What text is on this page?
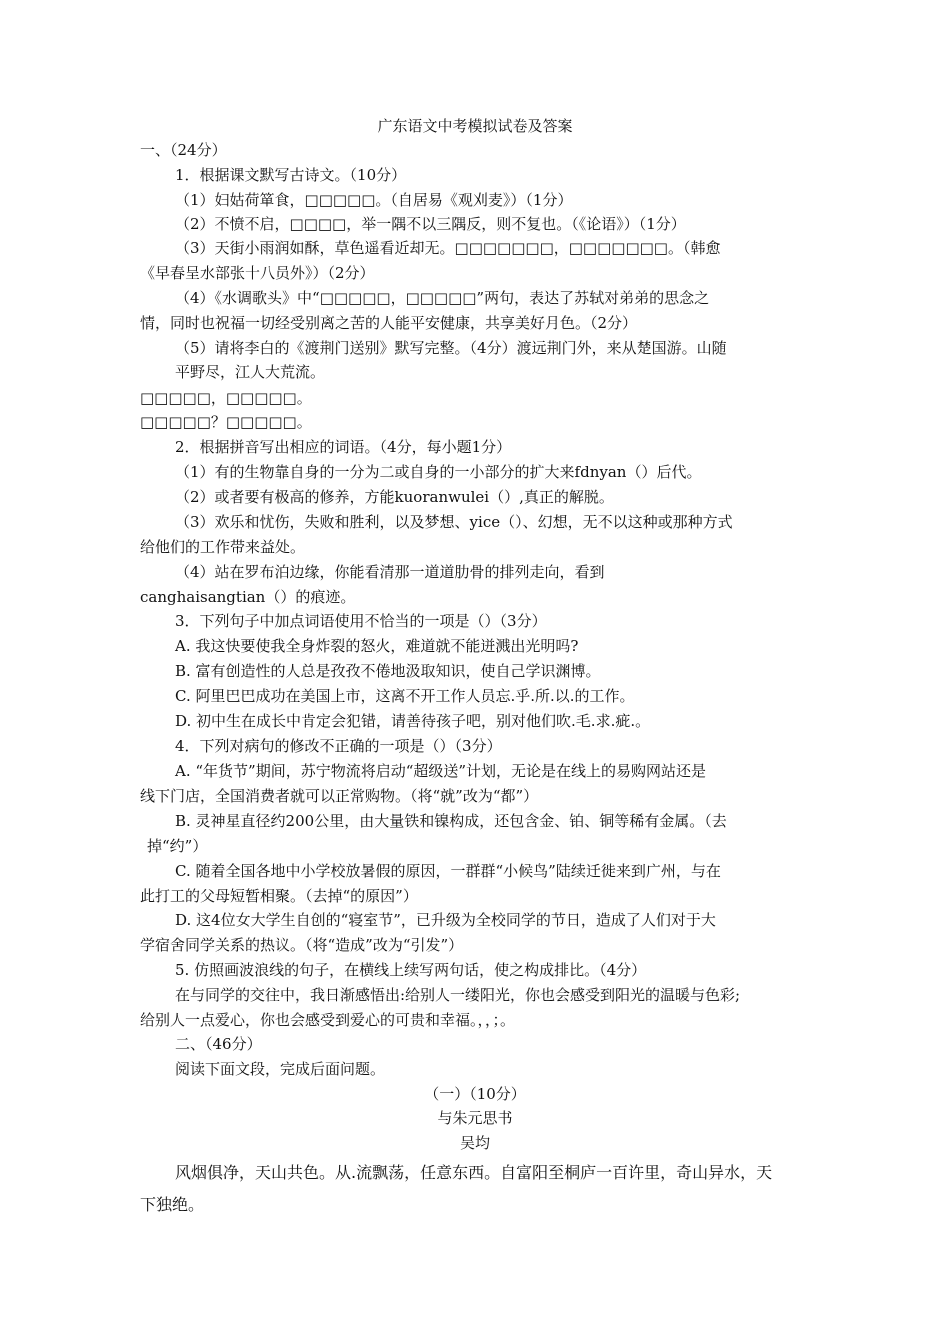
广东语文中考模拟试卷及答案
一、（24分）
1．根据课文默写古诗文。（10分）
（1）妇姑荷箪食，□□□□□。（自居易《观刈麦》）（1分）
（2）不愤不启，□□□□，举一隅不以三隅反，则不复也。（《论语》）（1分）
（3）天街小雨润如酥，草色遥看近却无。□□□□□□□，□□□□□□□。（韩愈
《早春呈水部张十八员外》）（2分）
（4）《水调歌头》中“□□□□□，□□□□□”两句，表达了苏轼对弟弟的思念之
情，同时也祝福一切经受别离之苦的人能平安健康，共享美好月色。（2分）
（5）请将李白的《渡荆门送别》默写完整。（4分）渡远荆门外，来从楚国游。山随
平野尽，江人大荒流。
□□□□□，□□□□□。
□□□□□？□□□□□。
2．根据拼音写出相应的词语。（4分，每小题1分）
（1）有的生物靠自身的一分为二或自身的一小部分的扩大来fdnyan（）后代。
（2）或者要有极高的修养，方能kuoranwulei（）,真正的解脱。
（3）欢乐和忧伤，失败和胜利，以及梦想、yice（）、幻想，无不以这种或那种方式
给他们的工作带来益处。
（4）站在罗布泊边缘，你能看清那一道道肋骨的排列走向，看到
canghaisangtian（）的痕迹。
3．下列句子中加点词语使用不恰当的一项是（）（3分）
A. 我这快要使我全身炸裂的怒火，难道就不能迸溅出光明吗?
B. 富有创造性的人总是孜孜不倦地汲取知识，使自己学识渊博。
C. 阿里巴巴成功在美国上市，这离不开工作人员忘.乎.所.以.的工作。
D. 初中生在成长中肯定会犯错，请善待孩子吧，别对他们吹.毛.求.疵.。
4．下列对病句的修改不正确的一项是（）（3分）
A. “年货节”期间，苏宁物流将启动“超级送”计划，无论是在线上的易购网站还是
线下门店，全国消费者就可以正常购物。（将“就”改为“都”）
B. 灵神星直径约200公里，由大量铁和镍构成，还包含金、铂、铜等稀有金属。（去
掉“约”）
C. 随着全国各地中小学校放暑假的原因，一群群“小候鸟”陆续迁徙来到广州，与在
此打工的父母短暂相聚。（去掉“的原因”）
D. 这4位女大学生自创的“寝室节”，已升级为全校同学的节日，造成了人们对于大
学宿舍同学关系的热议。（将“造成”改为“引发”）
5. 仿照画波浪线的句子，在横线上续写两句话，使之构成排比。（4分）
在与同学的交往中，我日渐感悟出:给别人一缕阳光，你也会感受到阳光的温暖与色彩;
给别人一点爱心，你也会感受到爱心的可贵和幸福。，，；。
二、（46分）
阅读下面文段，完成后面问题。
（一）（10分）
与朱元思书
吴均
风烟俱净，天山共色。从.流飘荡，任意东西。自富阳至桐庐一百许里，奇山异水，天
下独绝。
